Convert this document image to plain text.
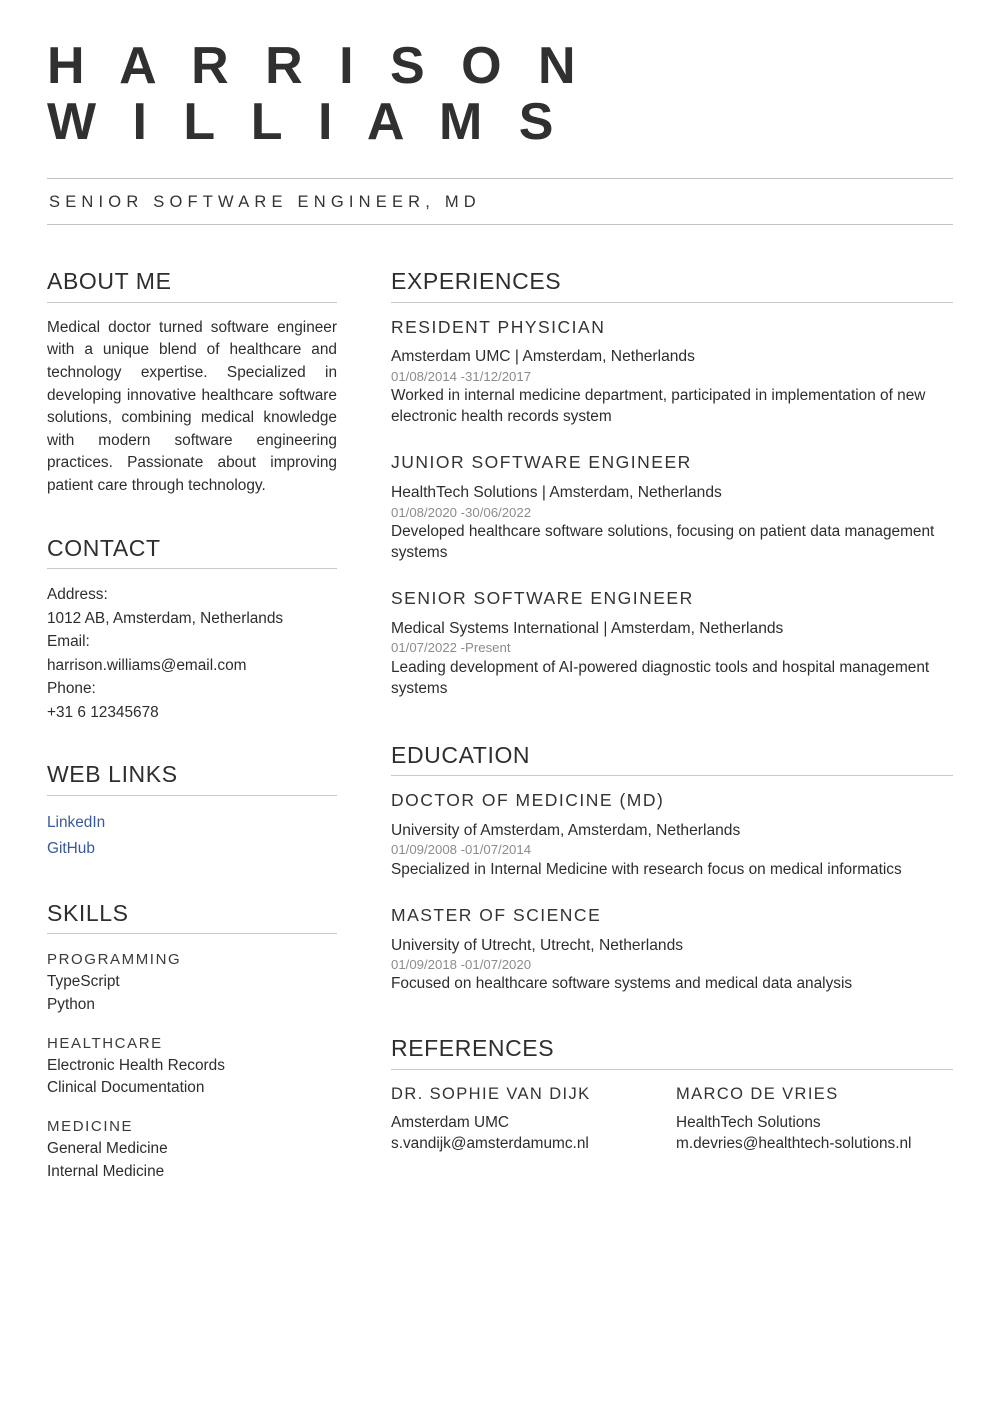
H A R R I S O N
W I L L I A M S
SENIOR SOFTWARE ENGINEER, MD
ABOUT ME
Medical doctor turned software engineer with a unique blend of healthcare and technology expertise. Specialized in developing innovative healthcare software solutions, combining medical knowledge with modern software engineering practices. Passionate about improving patient care through technology.
CONTACT
Address:
1012 AB, Amsterdam, Netherlands
Email:
harrison.williams@email.com
Phone:
+31 6 12345678
WEB LINKS
LinkedIn
GitHub
SKILLS
PROGRAMMING
TypeScript
Python
HEALTHCARE
Electronic Health Records
Clinical Documentation
MEDICINE
General Medicine
Internal Medicine
EXPERIENCES
RESIDENT PHYSICIAN
Amsterdam UMC | Amsterdam, Netherlands
01/08/2014 -31/12/2017
Worked in internal medicine department, participated in implementation of new electronic health records system
JUNIOR SOFTWARE ENGINEER
HealthTech Solutions | Amsterdam, Netherlands
01/08/2020 -30/06/2022
Developed healthcare software solutions, focusing on patient data management systems
SENIOR SOFTWARE ENGINEER
Medical Systems International | Amsterdam, Netherlands
01/07/2022 -Present
Leading development of AI-powered diagnostic tools and hospital management systems
EDUCATION
DOCTOR OF MEDICINE (MD)
University of Amsterdam, Amsterdam, Netherlands
01/09/2008 -01/07/2014
Specialized in Internal Medicine with research focus on medical informatics
MASTER OF SCIENCE
University of Utrecht, Utrecht, Netherlands
01/09/2018 -01/07/2020
Focused on healthcare software systems and medical data analysis
REFERENCES
DR. SOPHIE VAN DIJK
Amsterdam UMC
s.vandijk@amsterdamumc.nl
MARCO DE VRIES
HealthTech Solutions
m.devries@healthtech-solutions.nl
